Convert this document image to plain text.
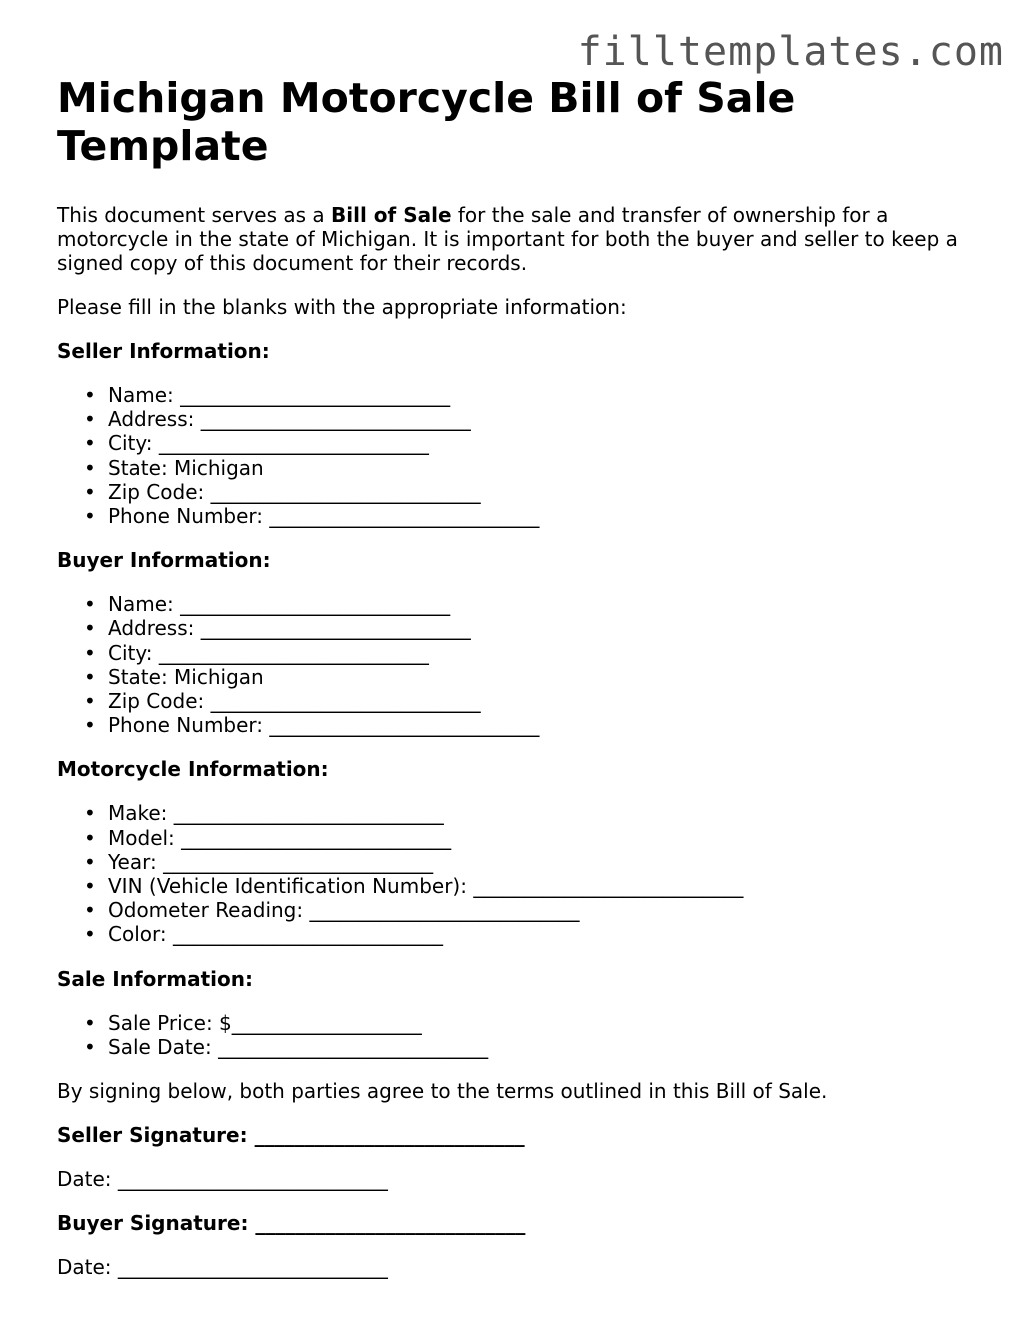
filltemplates.com
Michigan Motorcycle Bill of Sale Template

This document serves as a Bill of Sale for the sale and transfer of ownership for a motorcycle in the state of Michigan. It is important for both the buyer and seller to keep a signed copy of this document for their records.

Please fill in the blanks with the appropriate information:

Seller Information:

• Name: ___________________________
• Address: ___________________________
• City: ___________________________
• State: Michigan
• Zip Code: ___________________________
• Phone Number: ___________________________

Buyer Information:

• Name: ___________________________
• Address: ___________________________
• City: ___________________________
• State: Michigan
• Zip Code: ___________________________
• Phone Number: ___________________________

Motorcycle Information:

• Make: ___________________________
• Model: ___________________________
• Year: ___________________________
• VIN (Vehicle Identification Number): ___________________________
• Odometer Reading: ___________________________
• Color: ___________________________

Sale Information:

• Sale Price: $___________________
• Sale Date: ___________________________

By signing below, both parties agree to the terms outlined in this Bill of Sale.

Seller Signature: ___________________________

Date: ___________________________

Buyer Signature: ___________________________

Date: ___________________________
